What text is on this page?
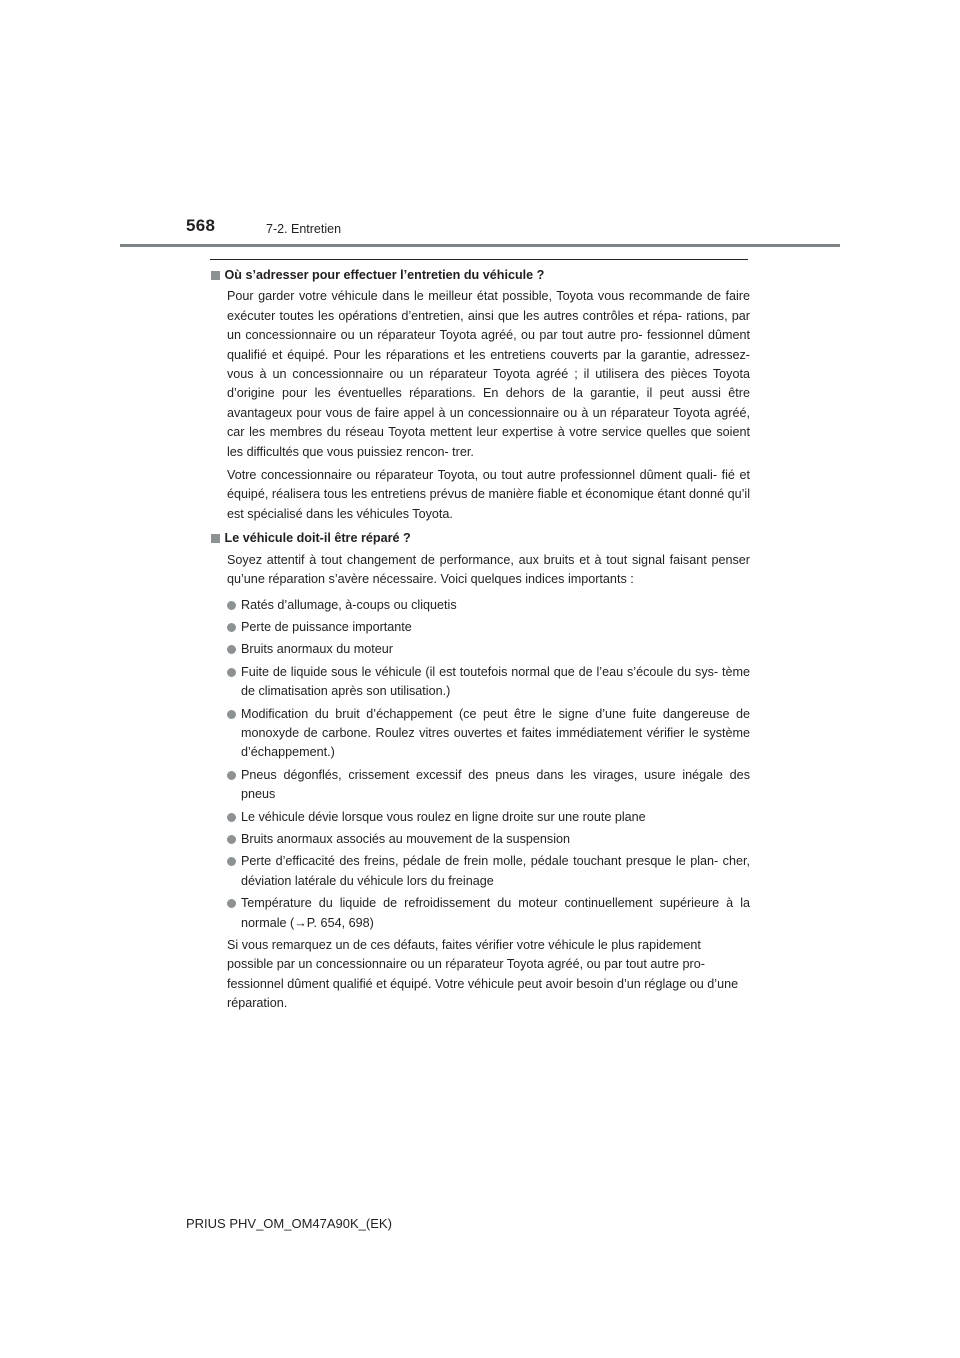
568	7-2. Entretien
Où s’adresser pour effectuer l’entretien du véhicule ?

Pour garder votre véhicule dans le meilleur état possible, Toyota vous recommande de faire exécuter toutes les opérations d’entretien, ainsi que les autres contrôles et répa- rations, par un concessionnaire ou un réparateur Toyota agréé, ou par tout autre pro- fessionnel dûment qualifié et équipé. Pour les réparations et les entretiens couverts par la garantie, adressez-vous à un concessionnaire ou un réparateur Toyota agréé ; il utilisera des pièces Toyota d’origine pour les éventuelles réparations. En dehors de la garantie, il peut aussi être avantageux pour vous de faire appel à un concessionnaire ou à un réparateur Toyota agréé, car les membres du réseau Toyota mettent leur expertise à votre service quelles que soient les difficultés que vous puissiez rencon- trer.

Votre concessionnaire ou réparateur Toyota, ou tout autre professionnel dûment quali- fié et équipé, réalisera tous les entretiens prévus de manière fiable et économique étant donné qu’il est spécialisé dans les véhicules Toyota.

Le véhicule doit-il être réparé ?

Soyez attentif à tout changement de performance, aux bruits et à tout signal faisant penser qu’une réparation s’avère nécessaire. Voici quelques indices importants :

Ratés d’allumage, à-coups ou cliquetis
Perte de puissance importante
Bruits anormaux du moteur
Fuite de liquide sous le véhicule (il est toutefois normal que de l’eau s’écoule du sys- tème de climatisation après son utilisation.)
Modification du bruit d’échappement (ce peut être le signe d’une fuite dangereuse de monoxyde de carbone. Roulez vitres ouvertes et faites immédiatement vérifier le système d’échappement.)
Pneus dégonflés, crissement excessif des pneus dans les virages, usure inégale des pneus
Le véhicule dévie lorsque vous roulez en ligne droite sur une route plane
Bruits anormaux associés au mouvement de la suspension
Perte d’efficacité des freins, pédale de frein molle, pédale touchant presque le plan- cher, déviation latérale du véhicule lors du freinage
Température du liquide de refroidissement du moteur continuellement supérieure à la normale (→P. 654, 698)

Si vous remarquez un de ces défauts, faites vérifier votre véhicule le plus rapidement possible par un concessionnaire ou un réparateur Toyota agréé, ou par tout autre pro- fessionnel dûment qualifié et équipé. Votre véhicule peut avoir besoin d’un réglage ou d’une réparation.

PRIUS PHV_OM_OM47A90K_(EK)
